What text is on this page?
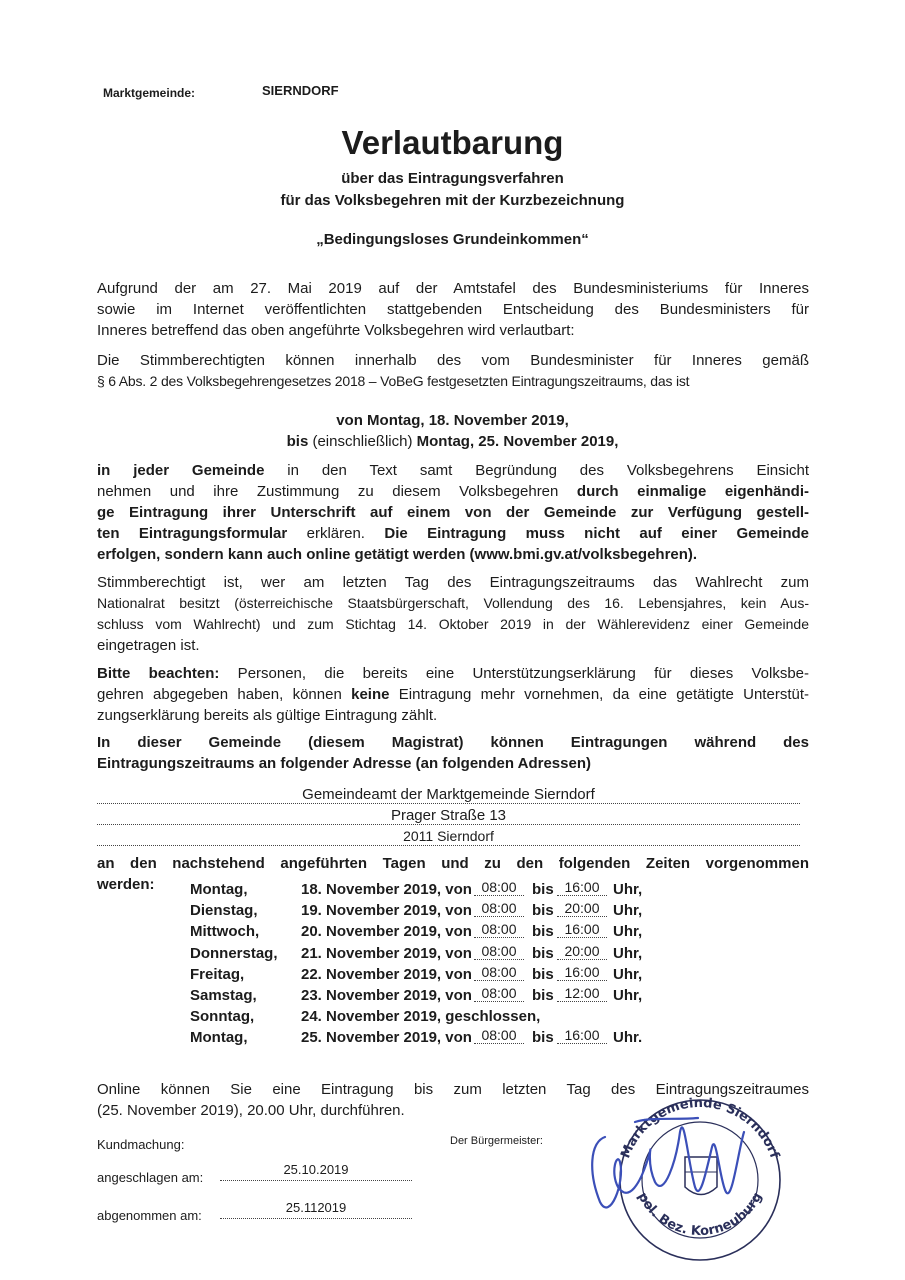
Marktgemeinde:	SIERNDORF
Verlautbarung
über das Eintragungsverfahren
für das Volksbegehren mit der Kurzbezeichnung
„Bedingungsloses Grundeinkommen“
Aufgrund der am 27. Mai 2019 auf der Amtstafel des Bundesministeriums für Inneres
sowie im Internet veröffentlichten stattgebenden Entscheidung des Bundesministers für
Inneres betreffend das oben angeführte Volksbegehren wird verlautbart:
Die Stimmberechtigten können innerhalb des vom Bundesminister für Inneres gemäß
§ 6 Abs. 2 des Volksbegehrengesetzes 2018 – VoBeG festgesetzten Eintragungszeitraums, das ist
von Montag, 18. November 2019,
bis (einschließlich) Montag, 25. November 2019,
in jeder Gemeinde in den Text samt Begründung des Volksbegehrens Einsicht
nehmen und ihre Zustimmung zu diesem Volksbegehren durch einmalige eigenhändi-
ge Eintragung ihrer Unterschrift auf einem von der Gemeinde zur Verfügung gestell-
ten Eintragungsformular erklären. Die Eintragung muss nicht auf einer Gemeinde
erfolgen, sondern kann auch online getätigt werden (www.bmi.gv.at/volksbegehren).
Stimmberechtigt ist, wer am letzten Tag des Eintragungszeitraums das Wahlrecht zum
Nationalrat besitzt (österreichische Staatsbürgerschaft, Vollendung des 16. Lebensjahres, kein Aus-
schluss vom Wahlrecht) und zum Stichtag 14. Oktober 2019 in der Wählerevidenz einer Gemeinde
eingetragen ist.
Bitte beachten: Personen, die bereits eine Unterstützungserklärung für dieses Volksbe-
gehren abgegeben haben, können keine Eintragung mehr vornehmen, da eine getätigte Unterstüt-
zungserklärung bereits als gültige Eintragung zählt.
In dieser Gemeinde (diesem Magistrat) können Eintragungen während des
Eintragungszeitraums an folgender Adresse (an folgenden Adressen)
Gemeindeamt der Marktgemeinde Sierndorf
Prager Straße 13
2011 Sierndorf
an den nachstehend angeführten Tagen und zu den folgenden Zeiten vorgenommen
werden: Montag,	18. November 2019, von 08:00	bis 16:00 Uhr,
Dienstag,	19. November 2019, von 08:00	bis 20:00 Uhr,
Mittwoch,	20. November 2019, von 08:00	bis 16:00 Uhr,
Donnerstag, 21. November 2019, von 08:00	bis 20:00 Uhr,
Freitag,	22. November 2019, von 08:00	bis 16:00 Uhr,
Samstag,	23. November 2019, von 08:00	bis 12:00 Uhr,
Sonntag,	24. November 2019, geschlossen,
Montag,	25. November 2019, von 08:00	bis 16:00 Uhr.
Online können Sie eine Eintragung bis zum letzten Tag des Eintragungszeitraumes
(25. November 2019), 20.00 Uhr, durchführen.
Kundmachung:
angeschlagen am:
25.10.2019
abgenommen am:
25.112019
Der Bürgermeister:
Marktgemeinde Sierndorf
pol. Bez. Korneuburg
